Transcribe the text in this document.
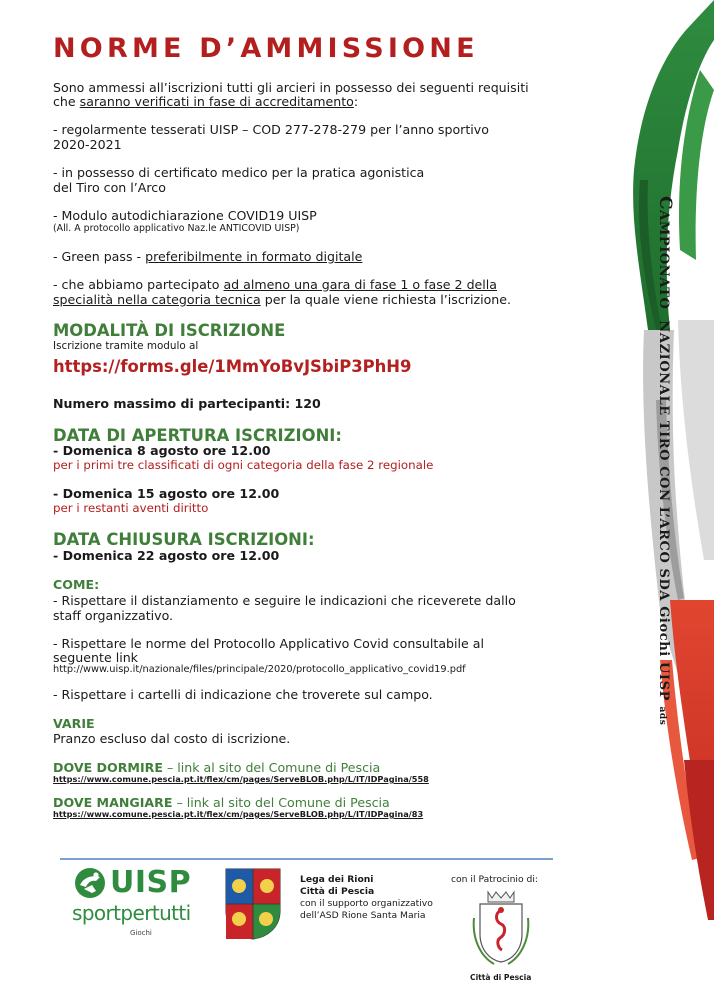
CAMPIONATO  NAZIONALE TIRO CON L’ARCO SDA Giochi UISP ads
NORME D’AMMISSIONE
Sono ammessi all’iscrizioni tutti gli arcieri in possesso dei seguenti requisiti
che saranno verificati in fase di accreditamento:
- regolarmente tesserati UISP – COD 277-278-279 per l’anno sportivo
2020-2021
- in possesso di certificato medico per la pratica agonistica
del Tiro con l’Arco
- Modulo autodichiarazione COVID19 UISP
(All. A protocollo applicativo Naz.le ANTICOVID UISP)
- Green pass - preferibilmente in formato digitale
- che abbiamo partecipato ad almeno una gara di fase 1 o fase 2 della
specialità nella categoria tecnica per la quale viene richiesta l’iscrizione.
MODALITÀ DI ISCRIZIONE
Iscrizione tramite modulo al
https://forms.gle/1MmYoBvJSbiP3PhH9
Numero massimo di partecipanti: 120
DATA DI APERTURA ISCRIZIONI:
- Domenica 8 agosto ore 12.00
per i primi tre classificati di ogni categoria della fase 2 regionale
- Domenica 15 agosto ore 12.00
per i restanti aventi diritto
DATA CHIUSURA ISCRIZIONI:
- Domenica 22 agosto ore 12.00
COME:
- Rispettare il distanziamento e seguire le indicazioni che riceverete dallo
staff organizzativo.
- Rispettare le norme del Protocollo Applicativo Covid consultabile al
seguente link
http://www.uisp.it/nazionale/files/principale/2020/protocollo_applicativo_covid19.pdf
- Rispettare i cartelli di indicazione che troverete sul campo.
VARIE
Pranzo escluso dal costo di iscrizione.
DOVE DORMIRE – link al sito del Comune di Pescia
https://www.comune.pescia.pt.it/flex/cm/pages/ServeBLOB.php/L/IT/IDPagina/558
DOVE MANGIARE – link al sito del Comune di Pescia
https://www.comune.pescia.pt.it/flex/cm/pages/ServeBLOB.php/L/IT/IDPagina/83
UISP
sportpertutti
Giochi
Lega dei Rioni
Città di Pescia
con il supporto organizzativo
dell’ASD Rione Santa Maria
con il Patrocinio di:
Città di Pescia
